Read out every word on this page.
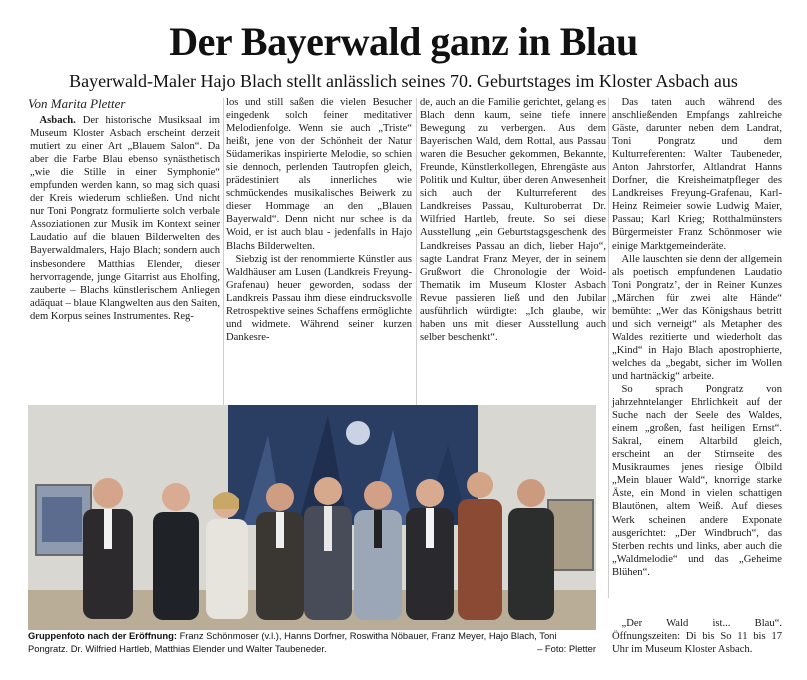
Der Bayerwald ganz in Blau
Bayerwald-Maler Hajo Blach stellt anlässlich seines 70. Geburtstages im Kloster Asbach aus
Von Marita Pletter

Asbach. Der historische Musiksaal im Museum Kloster Asbach erscheint derzeit mutiert zu einer Art „Blauem Salon“. Da aber die Farbe Blau ebenso synästhetisch „wie die Stille in einer Symphonie“ empfunden werden kann, so mag sich quasi der Kreis wiederum schließen. Und nicht nur Toni Pongratz formulierte solch verbale Assoziationen zur Musik im Kontext seiner Laudatio auf die blauen Bilderwelten des Bayerwaldmalers, Hajo Blach; sondern auch insbesondere Matthias Elender, dieser hervorragende, junge Gitarrist aus Eholfing, zauberte – Blachs künstlerischem Anliegen adäquat – blaue Klangwelten aus den Saiten, dem Korpus seines Instrumentes. Reg-

los und still saßen die vielen Besucher eingedenk solch feiner meditativer Melodienfolge. Wenn sie auch „Triste“ heißt, jene von der Schönheit der Natur Südamerikas inspirierte Melodie, so schien sie dennoch, perlenden Tautropfen gleich, prädestiniert als innerliches wie schmückendes musikalisches Beiwerk zu dieser Hommage an den „Blauen Bayerwald“. Denn nicht nur schee is da Woid, er ist auch blau - jedenfalls in Hajo Blachs Bilderwelten.

Siebzig ist der renommierte Künstler aus Waldhäuser am Lusen (Landkreis Freyung-Grafenau) heuer geworden, sodass der Landkreis Passau ihm diese eindrucksvolle Retrospektive seines Schaffens ermöglichte und widmete. Während seiner kurzen Dankesre-

de, auch an die Familie gerichtet, gelang es Blach denn kaum, seine tiefe innere Bewegung zu verbergen. Aus dem Bayerischen Wald, dem Rottal, aus Passau waren die Besucher gekommen, Bekannte, Freunde, Künstlerkollegen, Ehrengäste aus Politik und Kultur, über deren Anwesenheit sich auch der Kulturreferent des Landkreises Passau, Kulturoberrat Dr. Wilfried Hartleb, freute. So sei diese Ausstellung „ein Geburtstagsgeschenk des Landkreises Passau an dich, lieber Hajo“, sagte Landrat Franz Meyer, der in seinem Grußwort die Chronologie der Woid-Thematik im Museum Kloster Asbach Revue passieren ließ und den Jubilar ausführlich würdigte: „Ich glaube, wir haben uns mit dieser Ausstellung auch selber beschenkt“.

Das taten auch während des anschließenden Empfangs zahlreiche Gäste, darunter neben dem Landrat, Toni Pongratz und dem Kulturreferenten: Walter Taubeneder, Anton Jahrstorfer, Altlandrat Hanns Dorfner, die Kreisheimatpfleger des Landkreises Freyung-Grafenau, Karl-Heinz Reimeier sowie Ludwig Maier, Passau; Karl Krieg; Rotthalmünsters Bürgermeister Franz Schönmoser wie einige Marktgemeinderäte.

Alle lauschten sie denn der allgemein als poetisch empfundenen Laudatio Toni Pongratz’, der in Reiner Kunzes „Märchen für zwei alte Hände“ bemühte: „Wer das Königshaus betritt und sich verneigt“ als Metapher des Waldes rezitierte und wiederholt das „Kind“ in Hajo Blach apostrophierte, welches da „begabt, sicher im Wollen und hartnäckig“ arbeite.

So sprach Pongratz von jahrzehntelanger Ehrlichkeit auf der Suche nach der Seele des Waldes, einem „großen, fast heiligen Ernst“. Sakral, einem Altarbild gleich, erscheint an der Stirnseite des Musikraumes jenes riesige Ölbild „Mein blauer Wald“, knorrige starke Äste, ein Mond in vielen schattigen Blautönen, altem Weiß. Auf dieses Werk scheinen andere Exponate ausgerichtet: „Der Windbruch“, das Sterben rechts und links, aber auch die „Waldmelodie“ und das „Geheime Blühen“.

„Der Wald ist... Blau“. Öffnungszeiten: Di bis So 11 bis 17 Uhr im Museum Kloster Asbach.

Gruppenfoto nach der Eröffnung: Franz Schönmoser (v.l.), Hanns Dorfner, Roswitha Nöbauer, Franz Meyer, Hajo Blach, Toni Pongratz. Dr. Wilfried Hartleb, Matthias Elender und Walter Taubeneder.	– Foto: Pletter
